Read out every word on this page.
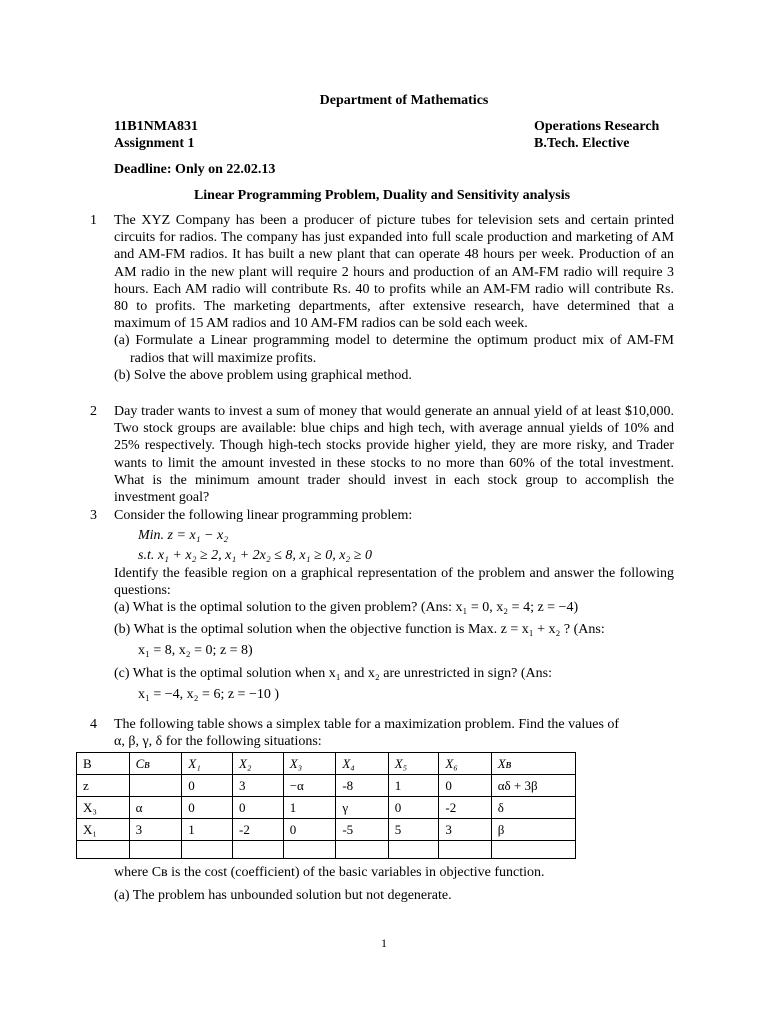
Department of Mathematics
11B1NMA831	Operations Research
Assignment 1	B.Tech. Elective
Deadline: Only on 22.02.13
Linear Programming Problem, Duality and Sensitivity analysis
1 The XYZ Company has been a producer of picture tubes for television sets and certain printed circuits for radios. The company has just expanded into full scale production and marketing of AM and AM-FM radios. It has built a new plant that can operate 48 hours per week. Production of an AM radio in the new plant will require 2 hours and production of an AM-FM radio will require 3 hours. Each AM radio will contribute Rs. 40 to profits while an AM-FM radio will contribute Rs. 80 to profits. The marketing departments, after extensive research, have determined that a maximum of 15 AM radios and 10 AM-FM radios can be sold each week.
(a) Formulate a Linear programming model to determine the optimum product mix of AM-FM radios that will maximize profits.
(b) Solve the above problem using graphical method.
2 Day trader wants to invest a sum of money that would generate an annual yield of at least $10,000. Two stock groups are available: blue chips and high tech, with average annual yields of 10% and 25% respectively. Though high-tech stocks provide higher yield, they are more risky, and Trader wants to limit the amount invested in these stocks to no more than 60% of the total investment. What is the minimum amount trader should invest in each stock group to accomplish the investment goal?
3 Consider the following linear programming problem:
Min. z = x₁ − x₂
s.t. x₁ + x₂ ≥ 2, x₁ + 2x₂ ≤ 8, x₁ ≥ 0, x₂ ≥ 0
Identify the feasible region on a graphical representation of the problem and answer the following questions:
(a) What is the optimal solution to the given problem? (Ans: x₁ = 0, x₂ = 4; z = −4)
(b) What is the optimal solution when the objective function is Max. z = x₁ + x₂ ? (Ans:
x₁ = 8, x₂ = 0; z = 8)
(c) What is the optimal solution when x₁ and x₂ are unrestricted in sign? (Ans:
x₁ = −4, x₂ = 6; z = −10 )
4 The following table shows a simplex table for a maximization problem. Find the values of
α, β, γ, δ for the following situations:
B	Cʙ	X₁	X₂	X₃	X₄	X₅	X₆	Xʙ
z		0	3	−α	-8	1	0	αδ + 3β
X₃	α	0	0	1	γ	0	-2	δ
X₁	3	1	-2	0	-5	5	3	β

where Cʙ is the cost (coefficient) of the basic variables in objective function.
(a) The problem has unbounded solution but not degenerate.
1
